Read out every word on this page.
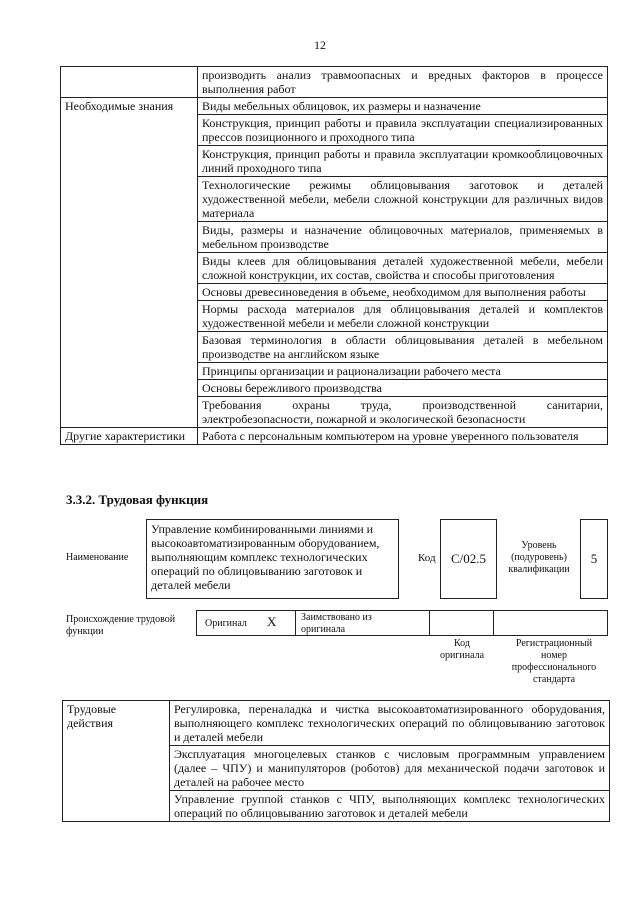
12
	производить анализ травмоопасных и вредных факторов в процессе выполнения работ
Необходимые знания	Виды мебельных облицовок, их размеры и назначение
	Конструкция, принцип работы и правила эксплуатации специализированных прессов позиционного и проходного типа
	Конструкция, принцип работы и правила эксплуатации кромкооблицовочных линий проходного типа
	Технологические режимы облицовывания заготовок и деталей художественной мебели, мебели сложной конструкции для различных видов материала
	Виды, размеры и назначение облицовочных материалов, применяемых в мебельном производстве
	Виды клеев для облицовывания деталей художественной мебели, мебели сложной конструкции, их состав, свойства и способы приготовления
	Основы древесиноведения в объеме, необходимом для выполнения работы
	Нормы расхода материалов для облицовывания деталей и комплектов художественной мебели и мебели сложной конструкции
	Базовая терминология в области облицовывания деталей в мебельном производстве на английском языке
	Принципы организации и рационализации рабочего места
	Основы бережливого производства
	Требования охраны труда, производственной санитарии, электробезопасности, пожарной и экологической безопасности
Другие характеристики	Работа с персональным компьютером на уровне уверенного пользователя
3.3.2. Трудовая функция
Наименование
Управление комбинированными линиями и высокоавтоматизированным оборудованием, выполняющим комплекс технологических операций по облицовыванию заготовок и деталей мебели
Код C/02.5
Уровень (подуровень) квалификации
5
Происхождение трудовой функции
Оригинал X Заимствовано из оригинала
Код оригинала
Регистрационный номер профессионального стандарта
Трудовые действия	Регулировка, переналадка и чистка высокоавтоматизированного оборудования, выполняющего комплекс технологических операций по облицовыванию заготовок и деталей мебели
Эксплуатация многоцелевых станков с числовым программным управлением (далее – ЧПУ) и манипуляторов (роботов) для механической подачи заготовок и деталей на рабочее место
Управление группой станков с ЧПУ, выполняющих комплекс технологических операций по облицовыванию заготовок и деталей мебели
